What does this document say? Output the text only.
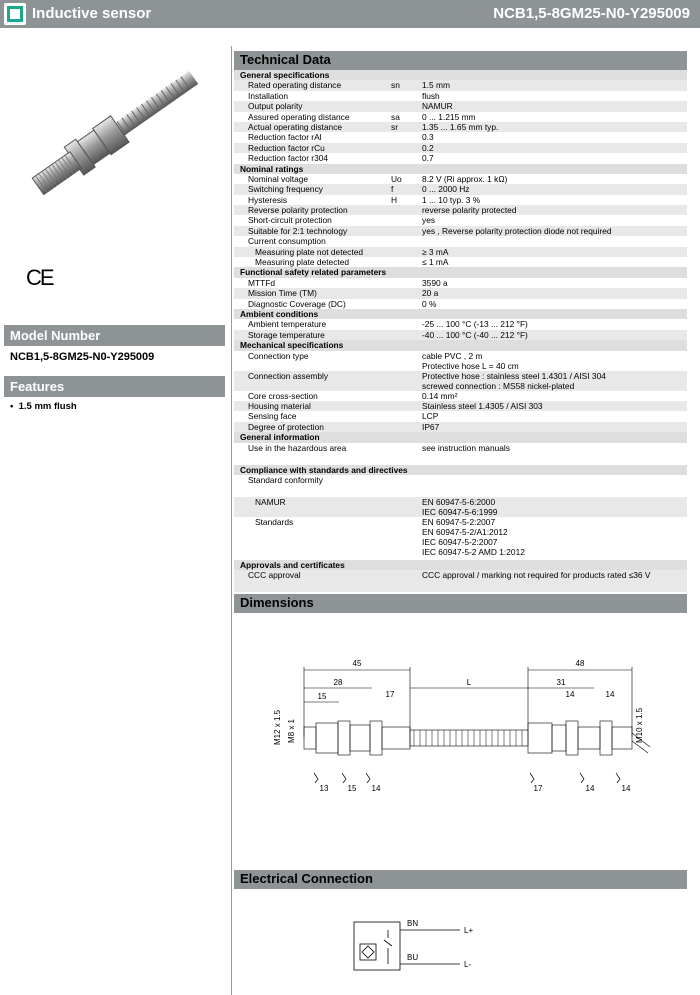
Inductive sensor	NCB1,5-8GM25-N0-Y295009
CE
Model Number
NCB1,5-8GM25-N0-Y295009
Features
•  1.5 mm flush
Technical Data
General specifications
Rated operating distance	sn	1.5 mm
Installation	flush
Output polarity	NAMUR
Assured operating distance	sa	0 ... 1.215 mm
Actual operating distance	sr	1.35 ... 1.65 mm typ.
Reduction factor rAl	0.3
Reduction factor rCu	0.2
Reduction factor r304	0.7
Nominal ratings
Nominal voltage	Uo 8.2 V (Ri approx. 1 kΩ)
Switching frequency	f	0 ... 2000 Hz
Hysteresis	H	1 ... 10 typ. 3 %
Reverse polarity protection	reverse polarity protected
Short-circuit protection	yes
Suitable for 2:1 technology	yes , Reverse polarity protection diode not required
Current consumption
Measuring plate not detected	≥ 3 mA
Measuring plate detected	≤ 1 mA
Functional safety related parameters
MTTFd	3590 a
Mission Time (TM)	20 a
Diagnostic Coverage (DC)	0 %
Ambient conditions
Ambient temperature	-25 ... 100 °C (-13 ... 212 °F)
Storage temperature	-40 ... 100 °C (-40 ... 212 °F)
Mechanical specifications
Connection type	cable PVC , 2 m
Protective hose L = 40 cm
Connection assembly	Protective hose : stainless steel 1.4301 / AISI 304
screwed connection : MS58 nickel-plated
Core cross-section	0.14 mm²
Housing material	Stainless steel 1.4305 / AISI 303
Sensing face	LCP
Degree of protection	IP67
General information
Use in the hazardous area	see instruction manuals
Compliance with standards and directives
Standard conformity
NAMUR	EN 60947-5-6:2000
IEC 60947-5-6:1999
Standards	EN 60947-5-2:2007
EN 60947-5-2/A1:2012
IEC 60947-5-2:2007
IEC 60947-5-2 AMD 1:2012
Approvals and certificates
CCC approval	CCC approval / marking not required for products rated ≤36 V
Dimensions
45
28
15	17
L
48
31
14	14
M12 x 1.5 M8 x 1	M10 x 1.5
13 15 14	17	14	14
Electrical Connection
BN
BU
L+
L-
